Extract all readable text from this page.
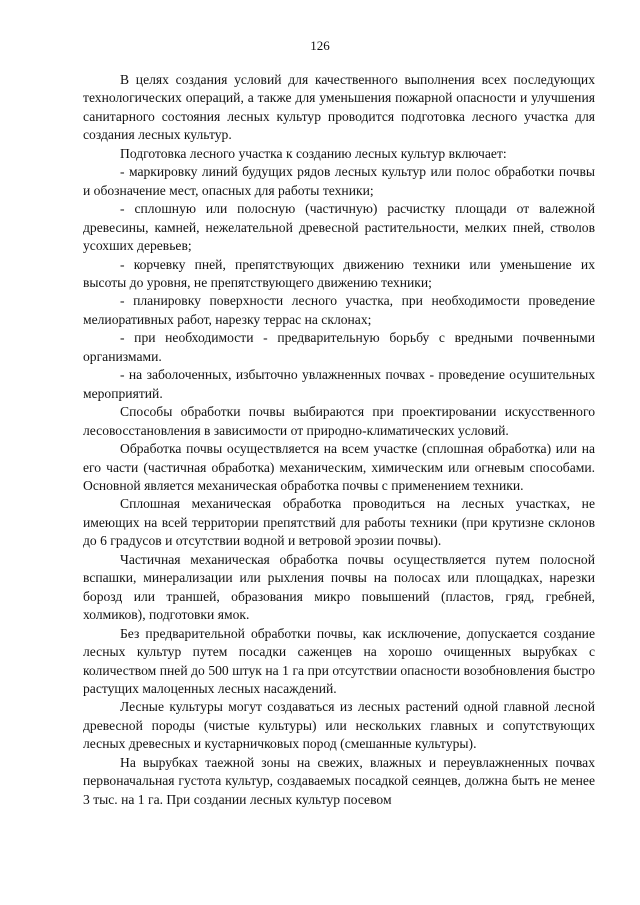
126

В целях создания условий для качественного выполнения всех последующих технологических операций, а также для уменьшения пожарной опасности и улучшения санитарного состояния лесных культур проводится подготовка лесного участка для создания лесных культур.

Подготовка лесного участка к созданию лесных культур включает:

- маркировку линий будущих рядов лесных культур или полос обработки почвы и обозначение мест, опасных для работы техники;

- сплошную или полосную (частичную) расчистку площади от валежной древесины, камней, нежелательной древесной растительности, мелких пней, стволов усохших деревьев;

- корчевку пней, препятствующих движению техники или уменьшение их высоты до уровня, не препятствующего движению техники;

- планировку поверхности лесного участка, при необходимости проведение мелиоративных работ, нарезку террас на склонах;

- при необходимости - предварительную борьбу с вредными почвенными организмами.

- на заболоченных, избыточно увлажненных почвах - проведение осушительных мероприятий.

Способы обработки почвы выбираются при проектировании искусственного лесовосстановления в зависимости от природно-климатических условий.

Обработка почвы осуществляется на всем участке (сплошная обработка) или на его части (частичная обработка) механическим, химическим или огневым способами. Основной является механическая обработка почвы с применением техники.

Сплошная механическая обработка проводиться на лесных участках, не имеющих на всей территории препятствий для работы техники (при крутизне склонов до 6 градусов и отсутствии водной и ветровой эрозии почвы).

Частичная механическая обработка почвы осуществляется путем полосной вспашки, минерализации или рыхления почвы на полосах или площадках, нарезки борозд или траншей, образования микро повышений (пластов, гряд, гребней, холмиков), подготовки ямок.

Без предварительной обработки почвы, как исключение, допускается создание лесных культур путем посадки саженцев на хорошо очищенных вырубках с количеством пней до 500 штук на 1 га при отсутствии опасности возобновления быстро растущих малоценных лесных насаждений.

Лесные культуры могут создаваться из лесных растений одной главной лесной древесной породы (чистые культуры) или нескольких главных и сопутствующих лесных древесных и кустарничковых пород (смешанные культуры).

На вырубках таежной зоны на свежих, влажных и переувлажненных почвах первоначальная густота культур, создаваемых посадкой сеянцев, должна быть не менее 3 тыс. на 1 га. При создании лесных культур посевом
